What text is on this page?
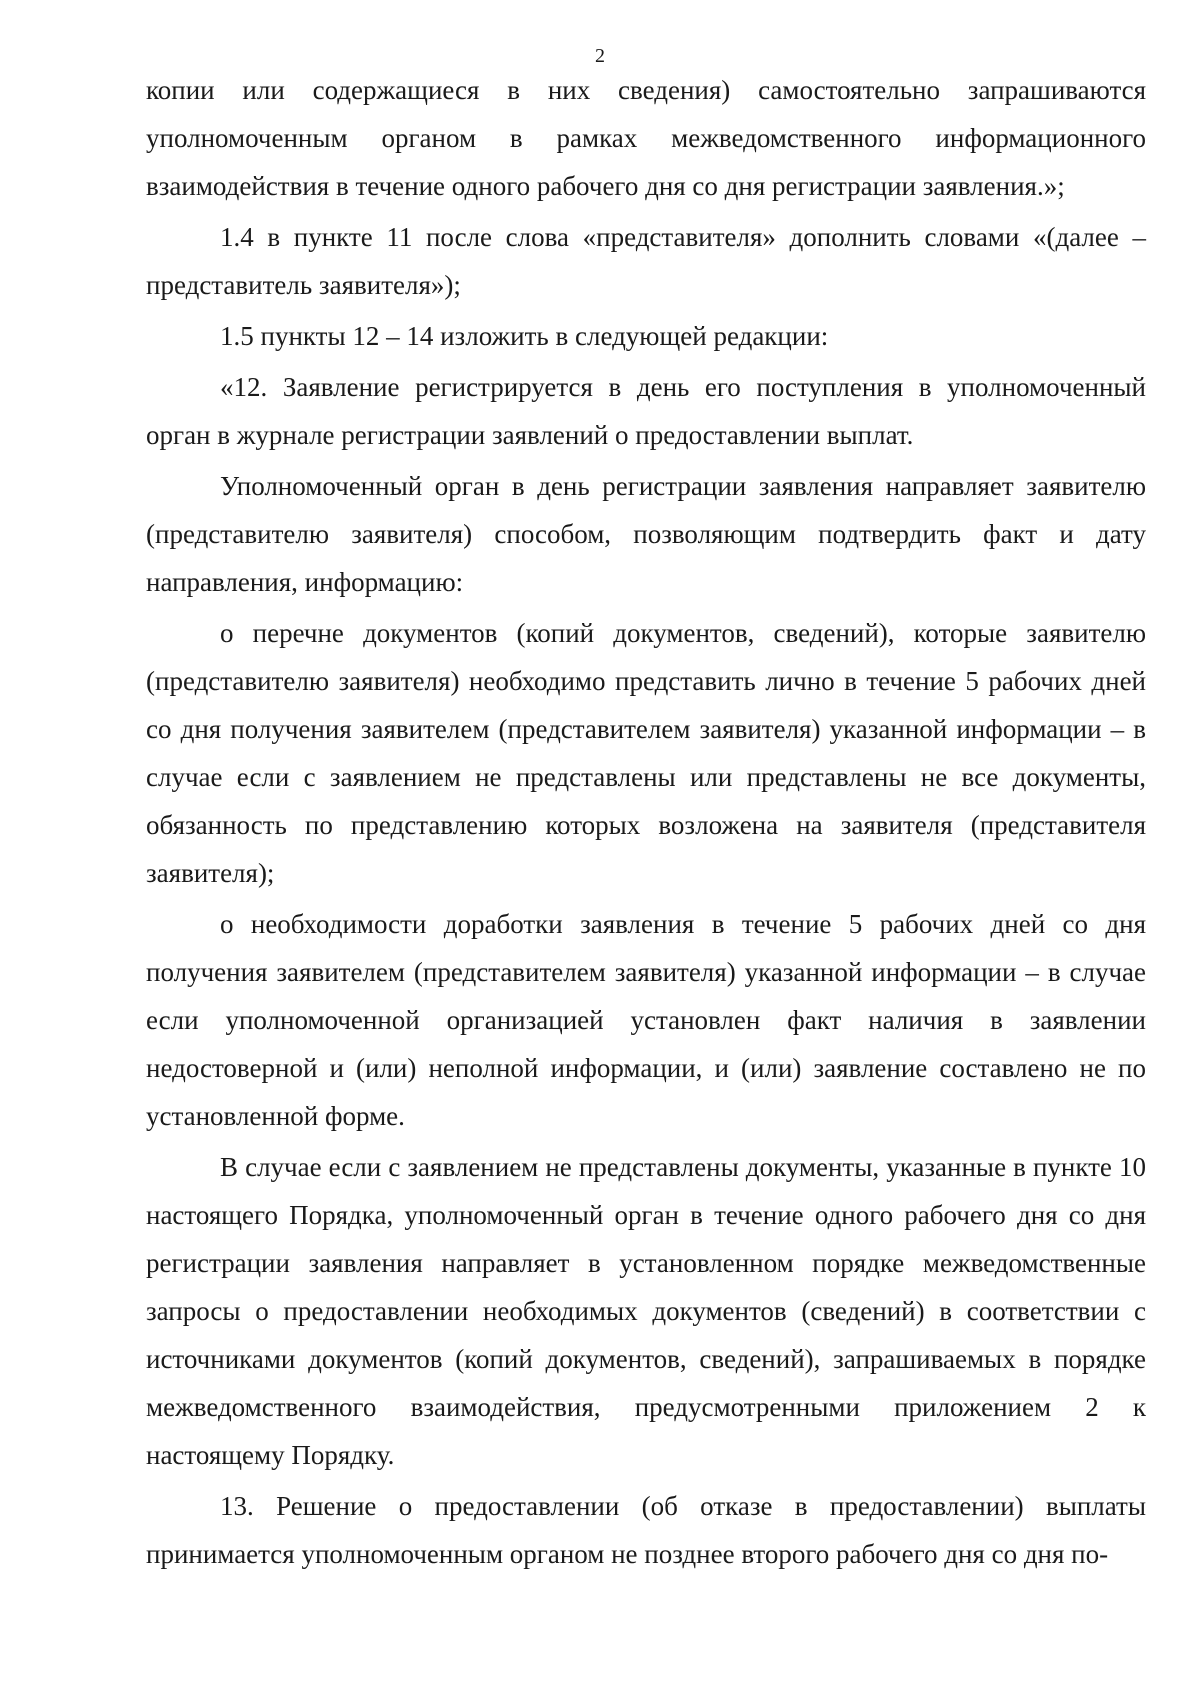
2

копии или содержащиеся в них сведения) самостоятельно запрашиваются уполномоченным органом в рамках межведомственного информационного взаимодействия в течение одного рабочего дня со дня регистрации заявления.»;

1.4 в пункте 11 после слова «представителя» дополнить словами «(далее – представитель заявителя»);

1.5 пункты 12 – 14 изложить в следующей редакции:

«12. Заявление регистрируется в день его поступления в уполномоченный орган в журнале регистрации заявлений о предоставлении выплат.

Уполномоченный орган в день регистрации заявления направляет заявителю (представителю заявителя) способом, позволяющим подтвердить факт и дату направления, информацию:

о перечне документов (копий документов, сведений), которые заявителю (представителю заявителя) необходимо представить лично в течение 5 рабочих дней со дня получения заявителем (представителем заявителя) указанной информации – в случае если с заявлением не представлены или представлены не все документы, обязанность по представлению которых возложена на заявителя (представителя заявителя);

о необходимости доработки заявления в течение 5 рабочих дней со дня получения заявителем (представителем заявителя) указанной информации – в случае если уполномоченной организацией установлен факт наличия в заявлении недостоверной и (или) неполной информации, и (или) заявление составлено не по установленной форме.

В случае если с заявлением не представлены документы, указанные в пункте 10 настоящего Порядка, уполномоченный орган в течение одного рабочего дня со дня регистрации заявления направляет в установленном порядке межведомственные запросы о предоставлении необходимых документов (сведений) в соответствии с источниками документов (копий документов, сведений), запрашиваемых в порядке межведомственного взаимодействия, предусмотренными приложением 2 к настоящему Порядку.

13. Решение о предоставлении (об отказе в предоставлении) выплаты принимается уполномоченным органом не позднее второго рабочего дня со дня по-
